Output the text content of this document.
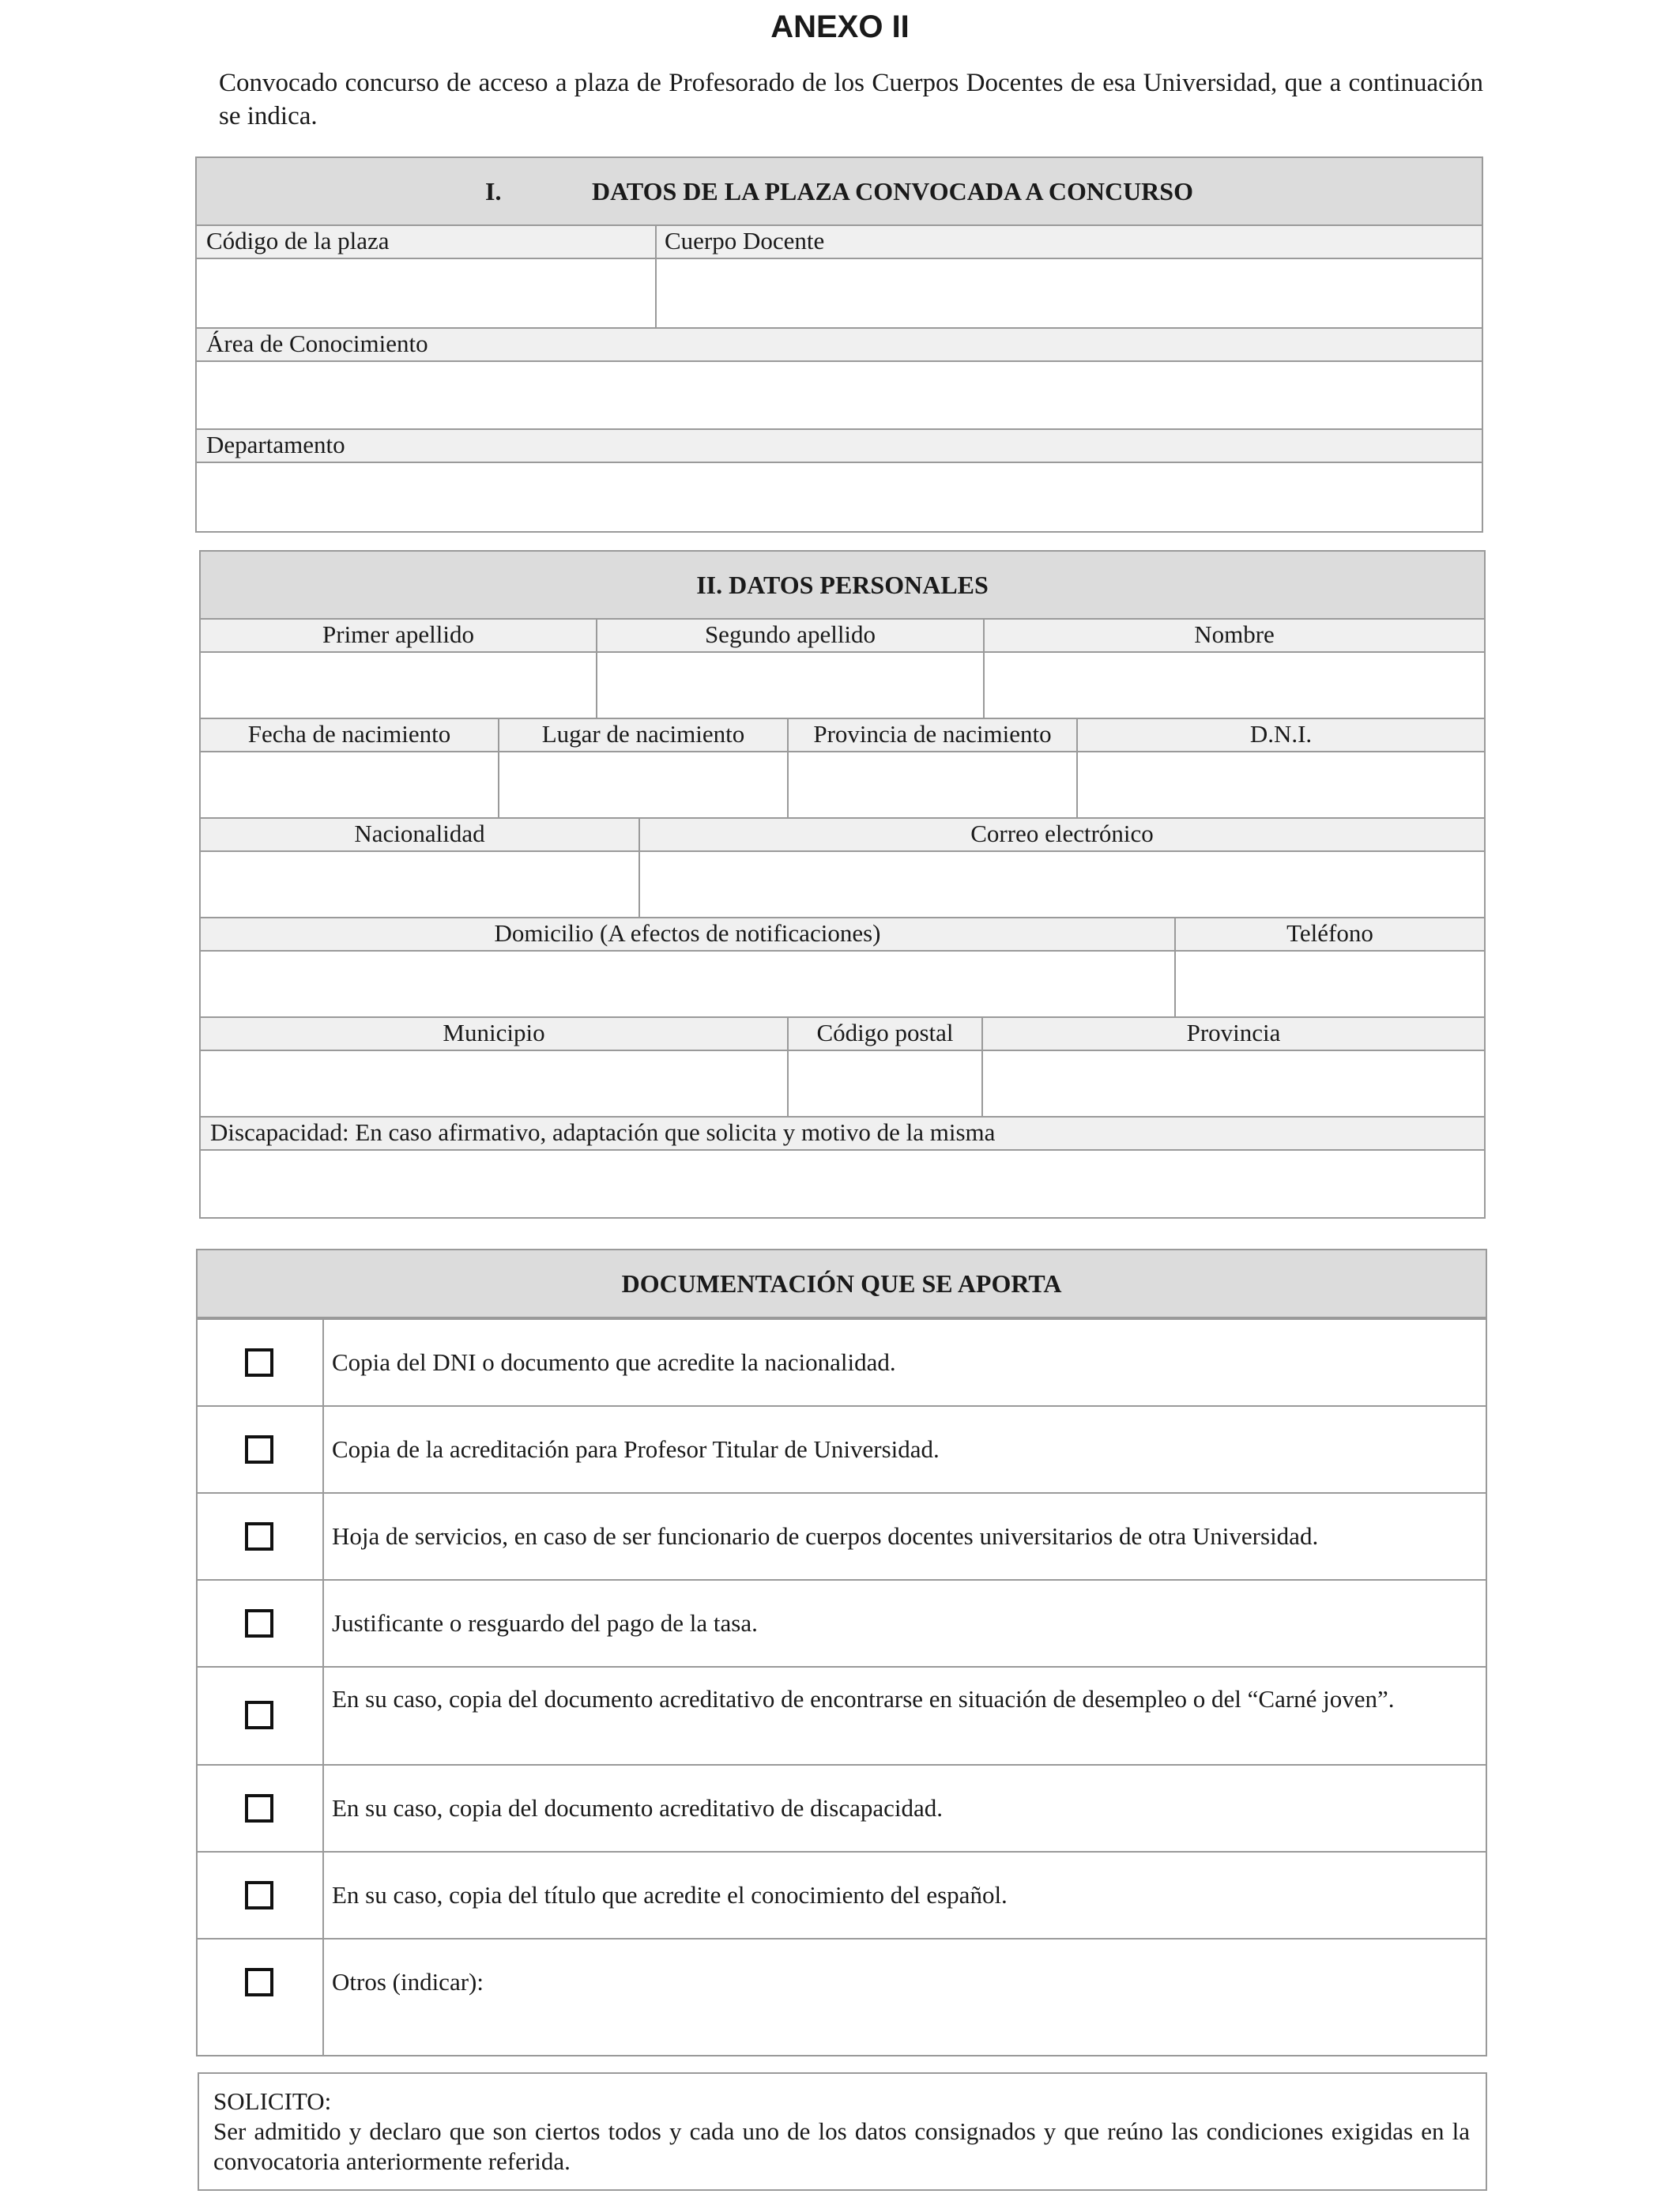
ANEXO II
Convocado concurso de acceso a plaza de Profesorado de los Cuerpos Docentes de esa Universidad, que a continuación se indica.
I.	DATOS DE LA PLAZA CONVOCADA A CONCURSO
Código de la plaza	Cuerpo Docente
Área de Conocimiento
Departamento
II. DATOS PERSONALES
Primer apellido	Segundo apellido	Nombre
Fecha de nacimiento	Lugar de nacimiento	Provincia de nacimiento	D.N.I.
Nacionalidad	Correo electrónico
Domicilio (A efectos de notificaciones)	Teléfono
Municipio	Código postal	Provincia
Discapacidad: En caso afirmativo, adaptación que solicita y motivo de la misma
DOCUMENTACIÓN QUE SE APORTA
Copia del DNI o documento que acredite la nacionalidad.
Copia de la acreditación para Profesor Titular de Universidad.
Hoja de servicios, en caso de ser funcionario de cuerpos docentes universitarios de otra Universidad.
Justificante o resguardo del pago de la tasa.
En su caso, copia del documento acreditativo de encontrarse en situación de desempleo o del “Carné joven”.
En su caso, copia del documento acreditativo de discapacidad.
En su caso, copia del título que acredite el conocimiento del español.
Otros (indicar):
SOLICITO:
Ser admitido y declaro que son ciertos todos y cada uno de los datos consignados y que reúno las condiciones exigidas en la convocatoria anteriormente referida.
